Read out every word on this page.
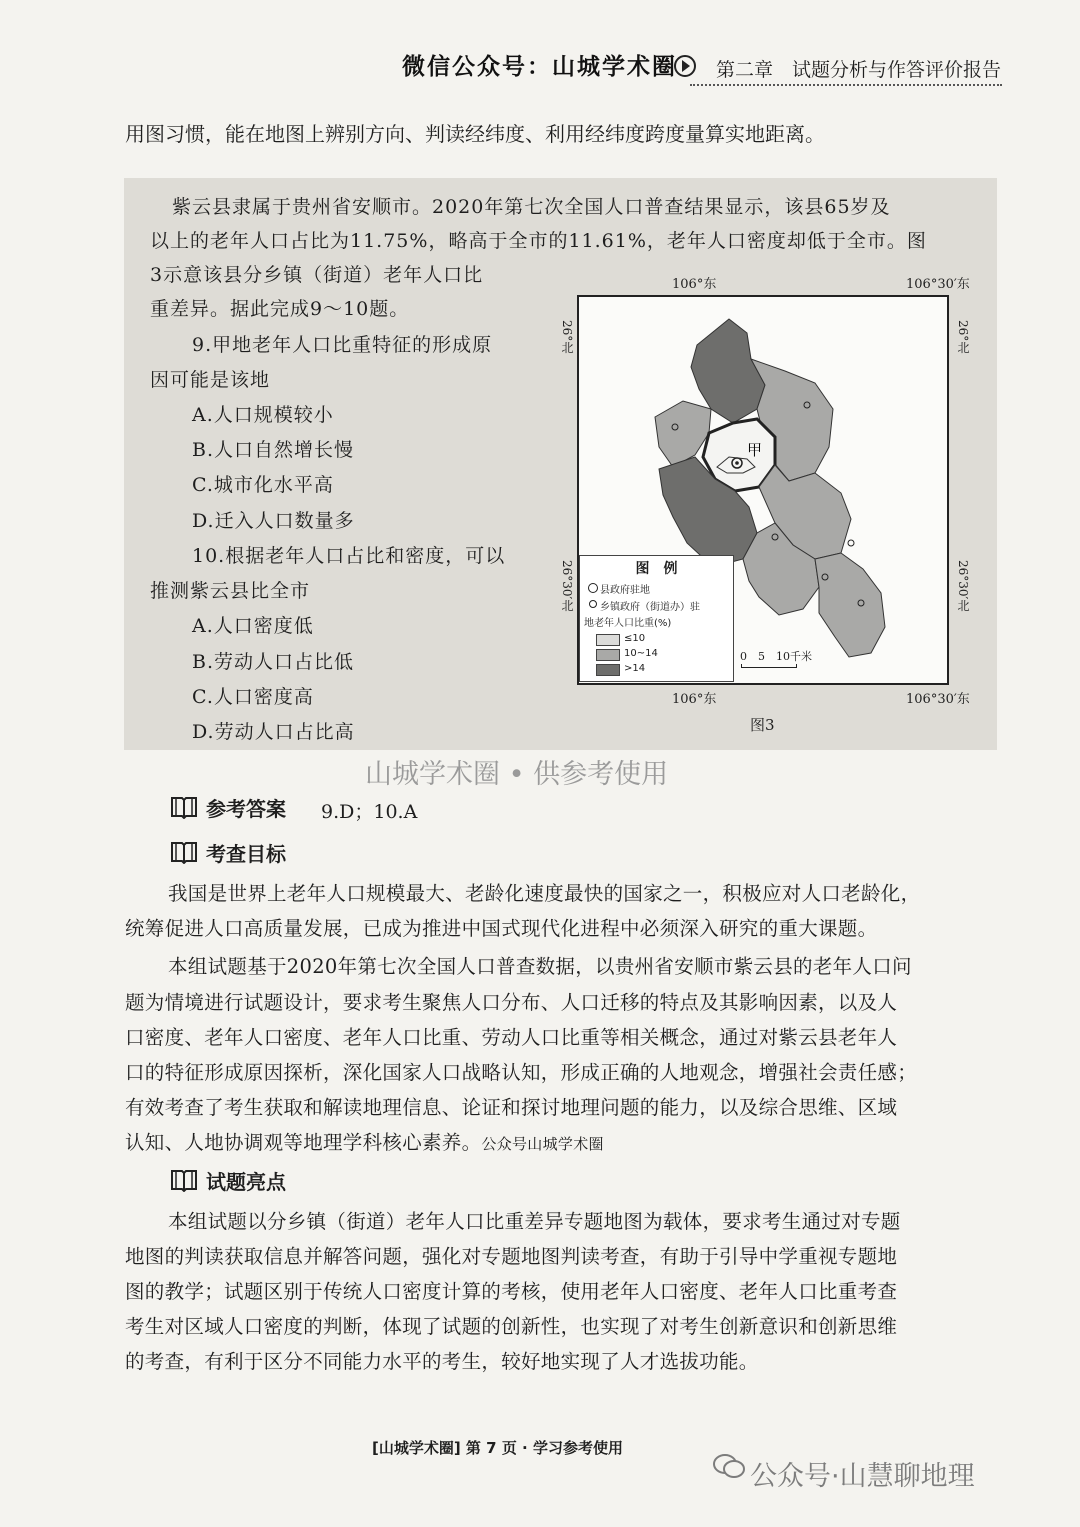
微信公众号：山城学术圈 第二章　试题分析与作答评价报告
用图习惯，能在地图上辨别方向、判读经纬度、利用经纬度跨度量算实地距离。
紫云县隶属于贵州省安顺市。2020年第七次全国人口普查结果显示，该县65岁及
以上的老年人口占比为11.75%，略高于全市的11.61%，老年人口密度却低于全市。图
3示意该县分乡镇（街道）老年人口比
重差异。据此完成9～10题。
9.甲地老年人口比重特征的形成原
因可能是该地
A.人口规模较小
B.人口自然增长慢
C.城市化水平高
D.迁入人口数量多
10.根据老年人口占比和密度，可以
推测紫云县比全市
A.人口密度低
B.劳动人口占比低
C.人口密度高
D.劳动人口占比高
106°东	106°30′东
106°东	106°30′东
26°北	26°北
26°30′北	26°30′北
甲
图　例
县政府驻地
乡镇政府（街道办）驻
地老年人口比重(%)
≤10
10~14
>14
0　5　10千米
图3
山城学术圈 • 供参考使用
参考答案 9.D；10.A
考查目标
我国是世界上老年人口规模最大、老龄化速度最快的国家之一，积极应对人口老龄化，
统筹促进人口高质量发展，已成为推进中国式现代化进程中必须深入研究的重大课题。
本组试题基于2020年第七次全国人口普查数据，以贵州省安顺市紫云县的老年人口问
题为情境进行试题设计，要求考生聚焦人口分布、人口迁移的特点及其影响因素，以及人
口密度、老年人口密度、老年人口比重、劳动人口比重等相关概念，通过对紫云县老年人
口的特征形成原因探析，深化国家人口战略认知，形成正确的人地观念，增强社会责任感；
有效考查了考生获取和解读地理信息、论证和探讨地理问题的能力，以及综合思维、区域
认知、人地协调观等地理学科核心素养。公众号山城学术圈
试题亮点
本组试题以分乡镇（街道）老年人口比重差异专题地图为载体，要求考生通过对专题
地图的判读获取信息并解答问题，强化对专题地图判读考查，有助于引导中学重视专题地
图的教学；试题区别于传统人口密度计算的考核，使用老年人口密度、老年人口比重考查
考生对区域人口密度的判断，体现了试题的创新性，也实现了对考生创新意识和创新思维
的考查，有利于区分不同能力水平的考生，较好地实现了人才选拔功能。
[山城学术圈] 第 7 页 · 学习参考使用
公众号·山慧聊地理
